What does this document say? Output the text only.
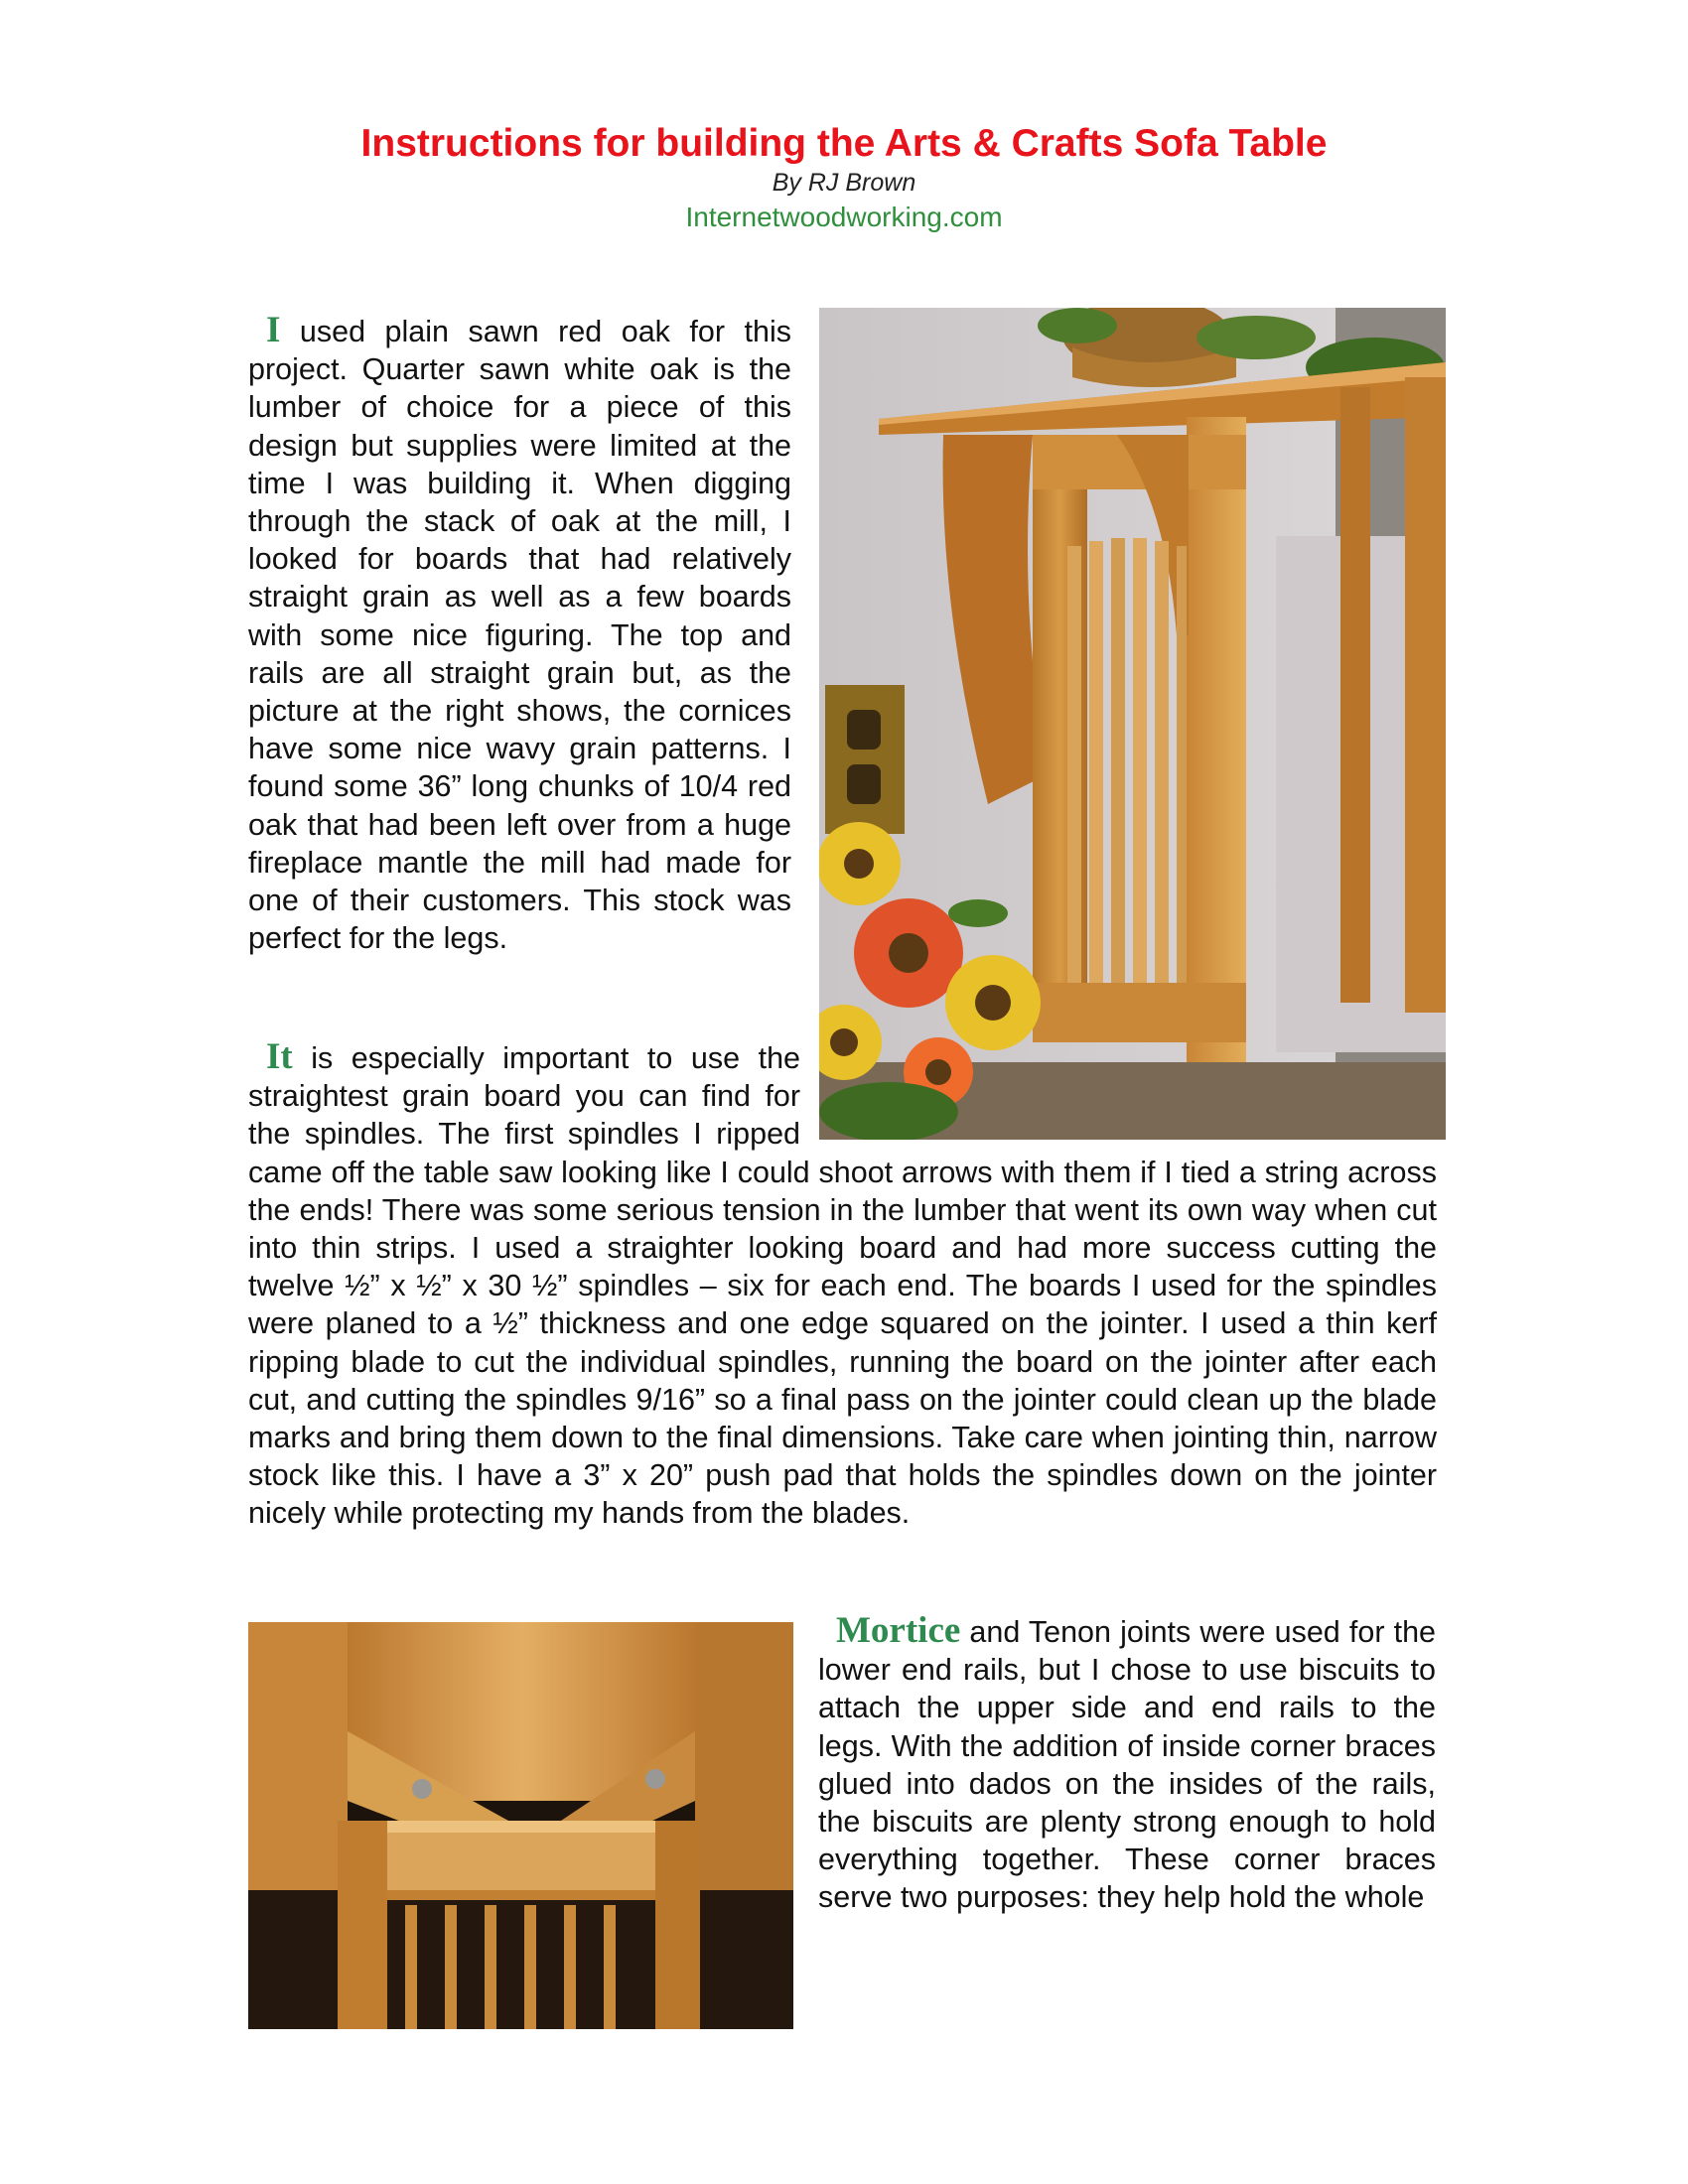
Instructions for building the Arts & Crafts Sofa Table
By RJ Brown
Internetwoodworking.com
I used plain sawn red oak for this project. Quarter sawn white oak is the lumber of choice for a piece of this design but supplies were limited at the time I was building it. When digging through the stack of oak at the mill, I looked for boards that had relatively straight grain as well as a few boards with some nice figuring. The top and rails are all straight grain but, as the picture at the right shows, the cornices have some nice wavy grain patterns. I found some 36” long chunks of 10/4 red oak that had been left over from a huge fireplace mantle the mill had made for one of their customers. This stock was perfect for the legs.
It is especially important to use the straightest grain board you can find for the spindles. The first spindles I ripped came off the table saw looking like I could shoot arrows with them if I tied a string across the ends! There was some serious tension in the lumber that went its own way when cut into thin strips. I used a straighter looking board and had more success cutting the twelve ½” x ½” x 30 ½” spindles – six for each end. The boards I used for the spindles were planed to a ½” thickness and one edge squared on the jointer. I used a thin kerf ripping blade to cut the individual spindles, running the board on the jointer after each cut, and cutting the spindles 9/16” so a final pass on the jointer could clean up the blade marks and bring them down to the final dimensions. Take care when jointing thin, narrow stock like this. I have a 3” x 20” push pad that holds the spindles down on the jointer nicely while protecting my hands from the blades.
Mortice and Tenon joints were used for the lower end rails, but I chose to use biscuits to attach the upper side and end rails to the legs. With the addition of inside corner braces glued into dados on the insides of the rails, the biscuits are plenty strong enough to hold everything together. These corner braces serve two purposes: they help hold the whole
